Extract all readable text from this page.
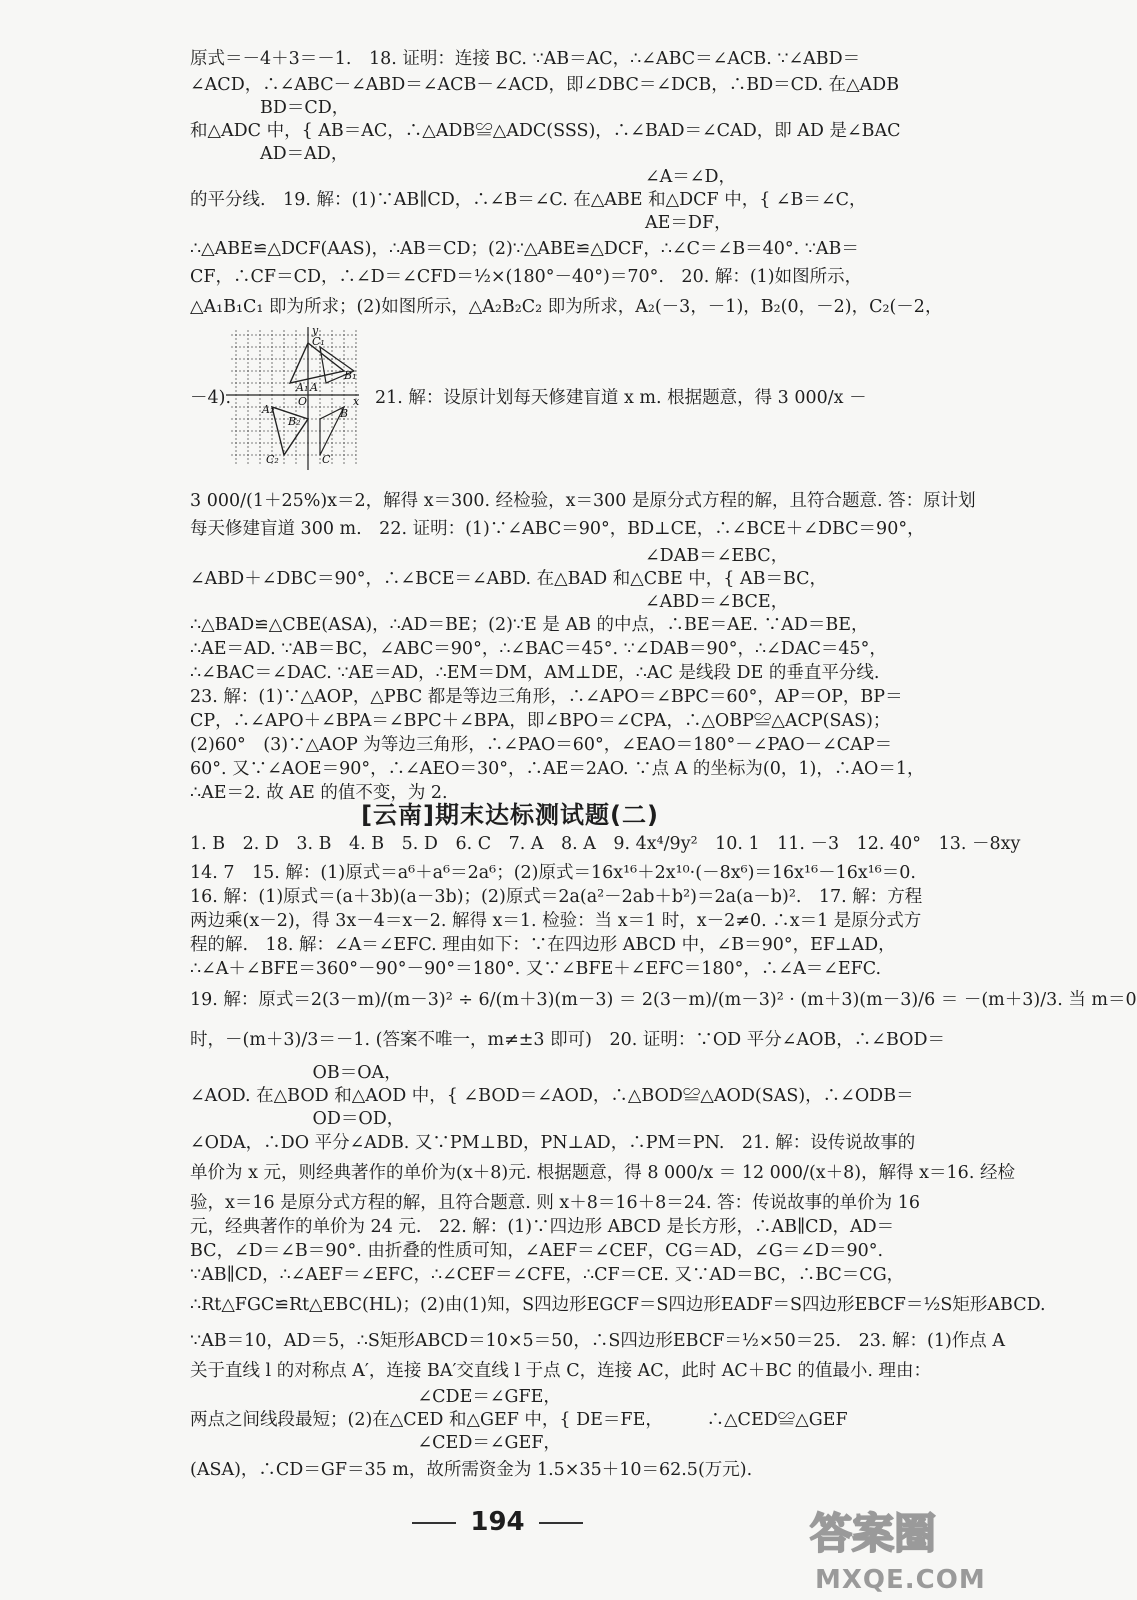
原式＝－4＋3＝－1.　18. 证明：连接 BC. ∵AB＝AC，∴∠ABC＝∠ACB. ∵∠ABD＝
∠ACD，∴∠ABC－∠ABD＝∠ACB－∠ACD，即∠DBC＝∠DCB，∴BD＝CD. 在△ADB
　　　　BD＝CD，
和△ADC 中，{ AB＝AC，∴△ADB≌△ADC(SSS)，∴∠BAD＝∠CAD，即 AD 是∠BAC
　　　　AD＝AD，
　　　　　　　　　　　　　　　　　　　　　　　　　　∠A＝∠D，
的平分线.　19. 解：(1)∵AB∥CD，∴∠B＝∠C. 在△ABE 和△DCF 中，{ ∠B＝∠C，
　　　　　　　　　　　　　　　　　　　　　　　　　　AE＝DF，
∴△ABE≌△DCF(AAS)，∴AB＝CD；(2)∵△ABE≌△DCF，∴∠C＝∠B＝40°. ∵AB＝
CF，∴CF＝CD，∴∠D＝∠CFD＝½×(180°－40°)＝70°.　20. 解：(1)如图所示，
△A₁B₁C₁ 即为所求；(2)如图所示，△A₂B₂C₂ 即为所求，A₂(－3，－1)，B₂(0，－2)，C₂(－2，
－4).	21. 解：设原计划每天修建盲道 x m. 根据题意，得 3 000/x －
3 000/(1＋25%)x＝2，解得 x＝300. 经检验，x＝300 是原分式方程的解，且符合题意. 答：原计划
每天修建盲道 300 m.　22. 证明：(1)∵∠ABC＝90°，BD⊥CE，∴∠BCE＋∠DBC＝90°，
　　　　　　　　　　　　　　　　　　　　　　　　　　∠DAB＝∠EBC，
∠ABD＋∠DBC＝90°，∴∠BCE＝∠ABD. 在△BAD 和△CBE 中，{ AB＝BC，
　　　　　　　　　　　　　　　　　　　　　　　　　　∠ABD＝∠BCE，
∴△BAD≌△CBE(ASA)，∴AD＝BE；(2)∵E 是 AB 的中点，∴BE＝AE. ∵AD＝BE，
∴AE＝AD. ∵AB＝BC，∠ABC＝90°，∴∠BAC＝45°. ∵∠DAB＝90°，∴∠DAC＝45°，
∴∠BAC＝∠DAC. ∵AE＝AD，∴EM＝DM，AM⊥DE，∴AC 是线段 DE 的垂直平分线.
23. 解：(1)∵△AOP，△PBC 都是等边三角形，∴∠APO＝∠BPC＝60°，AP＝OP，BP＝
CP，∴∠APO＋∠BPA＝∠BPC＋∠BPA，即∠BPO＝∠CPA，∴△OBP≌△ACP(SAS)；
(2)60°　(3)∵△AOP 为等边三角形，∴∠PAO＝60°，∠EAO＝180°－∠PAO－∠CAP＝
60°. 又∵∠AOE＝90°，∴∠AEO＝30°，∴AE＝2AO. ∵点 A 的坐标为(0，1)，∴AO＝1，
∴AE＝2. 故 AE 的值不变，为 2.
1. B　2. D　3. B　4. B　5. D　6. C　7. A　8. A　9. 4x⁴/9y²　10. 1　11. －3　12. 40°　13. －8xy
14. 7　15. 解：(1)原式＝a⁶＋a⁶＝2a⁶；(2)原式＝16x¹⁶＋2x¹⁰·(－8x⁶)＝16x¹⁶－16x¹⁶＝0.
16. 解：(1)原式＝(a＋3b)(a－3b)；(2)原式＝2a(a²－2ab＋b²)＝2a(a－b)².　17. 解：方程
两边乘(x－2)，得 3x－4＝x－2. 解得 x＝1. 检验：当 x＝1 时，x－2≠0. ∴x＝1 是原分式方
程的解.　18. 解：∠A＝∠EFC. 理由如下：∵在四边形 ABCD 中，∠B＝90°，EF⊥AD，
∴∠A＋∠BFE＝360°－90°－90°＝180°. 又∵∠BFE＋∠EFC＝180°，∴∠A＝∠EFC.
19. 解：原式＝2(3－m)/(m－3)² ÷ 6/(m＋3)(m－3) ＝ 2(3－m)/(m－3)² · (m＋3)(m－3)/6 ＝ －(m＋3)/3. 当 m＝0
时，－(m＋3)/3＝－1. (答案不唯一，m≠±3 即可)　20. 证明：∵OD 平分∠AOB，∴∠BOD＝
　　　　　　　OB＝OA，
∠AOD. 在△BOD 和△AOD 中，{ ∠BOD＝∠AOD，∴△BOD≌△AOD(SAS)，∴∠ODB＝
　　　　　　　OD＝OD，
∠ODA，∴DO 平分∠ADB. 又∵PM⊥BD，PN⊥AD，∴PM＝PN.　21. 解：设传说故事的
单价为 x 元，则经典著作的单价为(x＋8)元. 根据题意，得 8 000/x ＝ 12 000/(x＋8)，解得 x＝16. 经检
验，x＝16 是原分式方程的解，且符合题意. 则 x＋8＝16＋8＝24. 答：传说故事的单价为 16
元，经典著作的单价为 24 元.　22. 解：(1)∵四边形 ABCD 是长方形，∴AB∥CD，AD＝
BC，∠D＝∠B＝90°. 由折叠的性质可知，∠AEF＝∠CEF，CG＝AD，∠G＝∠D＝90°.
∵AB∥CD，∴∠AEF＝∠EFC，∴∠CEF＝∠CFE，∴CF＝CE. 又∵AD＝BC，∴BC＝CG，
∴Rt△FGC≌Rt△EBC(HL)；(2)由(1)知，S四边形EGCF＝S四边形EADF＝S四边形EBCF＝½S矩形ABCD.
∵AB＝10，AD＝5，∴S矩形ABCD＝10×5＝50，∴S四边形EBCF＝½×50＝25.　23. 解：(1)作点 A
关于直线 l 的对称点 A′，连接 BA′交直线 l 于点 C，连接 AC，此时 AC＋BC 的值最小. 理由：
　　　　　　　　　　　　　∠CDE＝∠GFE，
两点之间线段最短；(2)在△CED 和△GEF 中，{ DE＝FE，　　　∴△CED≌△GEF
　　　　　　　　　　　　　∠CED＝∠GEF，
(ASA)，∴CD＝GF＝35 m，故所需资金为 1.5×35＋10＝62.5(万元).
[云南]期末达标测试题(二)
y
x
O
C₁
B₁
A₁ A
A₂
B₂
C₂
B
C
194	答案圈
MXQE.COM
